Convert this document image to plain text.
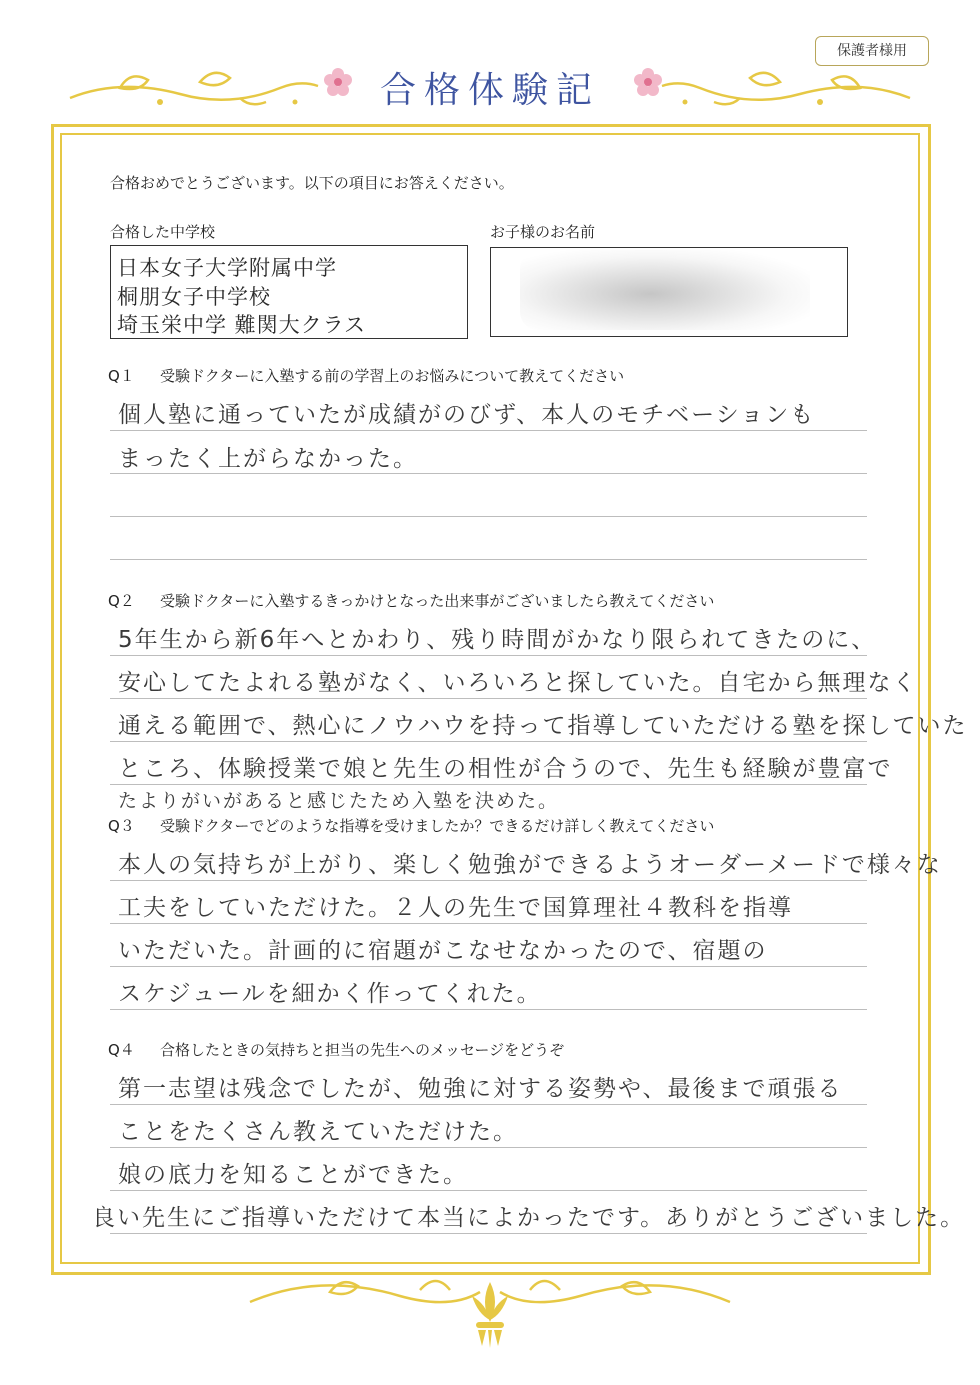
保護者様用
合格体験記
合格おめでとうございます。以下の項目にお答えください。
合格した中学校	お子様のお名前
日本女子大学附属中学
桐朋女子中学校
埼玉栄中学 難関大クラス
Q１ 受験ドクターに入塾する前の学習上のお悩みについて教えてください
個人塾に通っていたが成績がのびず、本人のモチベーションも
まったく上がらなかった。
Q２ 受験ドクターに入塾するきっかけとなった出来事がございましたら教えてください
5年生から新6年へとかわり、残り時間がかなり限られてきたのに、
安心してたよれる塾がなく、いろいろと探していた。自宅から無理なく
通える範囲で、熱心にノウハウを持って指導していただける塾を探していた
ところ、体験授業で娘と先生の相性が合うので、先生も経験が豊富で
たよりがいがあると感じたため入塾を決めた。
Q３ 受験ドクターでどのような指導を受けましたか？できるだけ詳しく教えてください
本人の気持ちが上がり、楽しく勉強ができるようオーダーメードで様々な
工夫をしていただけた。２人の先生で国算理社４教科を指導
いただいた。計画的に宿題がこなせなかったので、宿題の
スケジュールを細かく作ってくれた。
Q４ 合格したときの気持ちと担当の先生へのメッセージをどうぞ
第一志望は残念でしたが、勉強に対する姿勢や、最後まで頑張る
ことをたくさん教えていただけた。
娘の底力を知ることができた。
良い先生にご指導いただけて本当によかったです。ありがとうございました。
